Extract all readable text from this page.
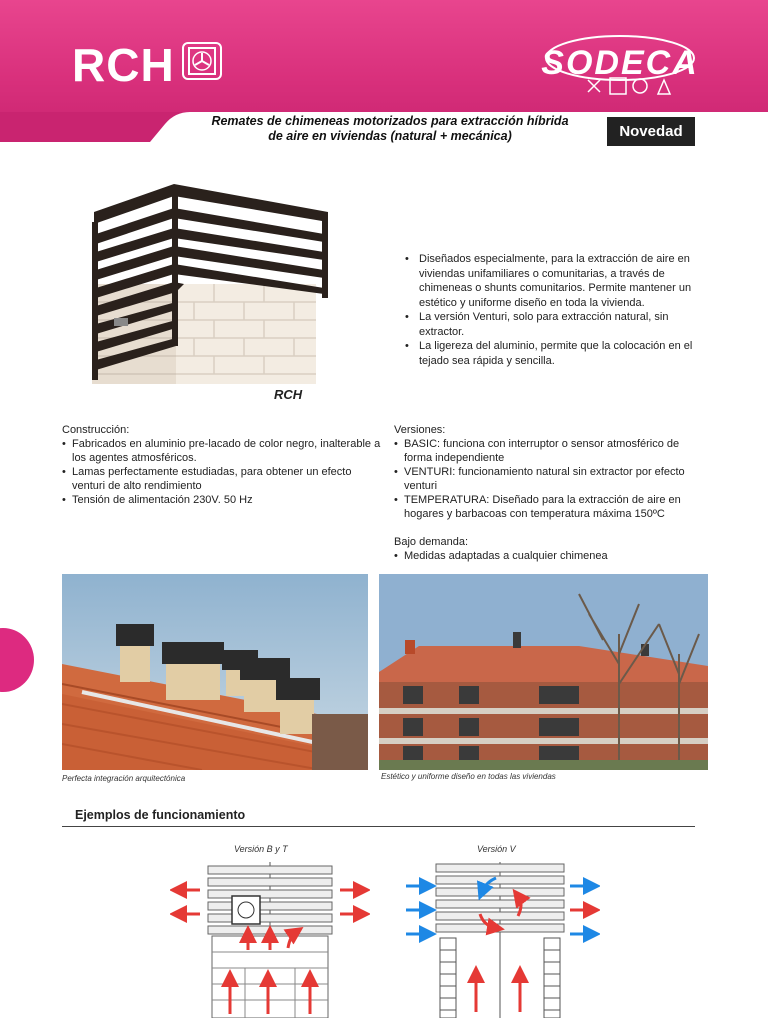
RCH	SODECA
Remates de chimeneas motorizados para extracción híbrida
de aire en viviendas (natural + mecánica)	Novedad
RCH
• Diseñados especialmente, para la extracción de aire en viviendas unifamiliares o comunitarias, a través de chimeneas o shunts comunitarios. Permite mantener un estético y uniforme diseño en toda la vivienda.
• La versión Venturi, solo para extracción natural, sin extractor.
• La ligereza del aluminio, permite que la colocación en el tejado sea rápida y sencilla.
Construcción:
• Fabricados en aluminio pre-lacado de color negro, inalterable a los agentes atmosféricos.
• Lamas perfectamente estudiadas, para obtener un efecto venturi de alto rendimiento
• Tensión de alimentación 230V. 50 Hz
Versiones:
• BASIC: funciona con interruptor o sensor atmosférico de forma independiente
• VENTURI: funcionamiento natural sin extractor por efecto venturi
• TEMPERATURA: Diseñado para la extracción de aire en hogares y barbacoas con temperatura máxima 150ºC
Bajo demanda:
• Medidas adaptadas a cualquier chimenea
Perfecta integración arquitectónica	Estético y uniforme diseño en todas las viviendas
Ejemplos de funcionamiento
Versión B y T	Versión V
